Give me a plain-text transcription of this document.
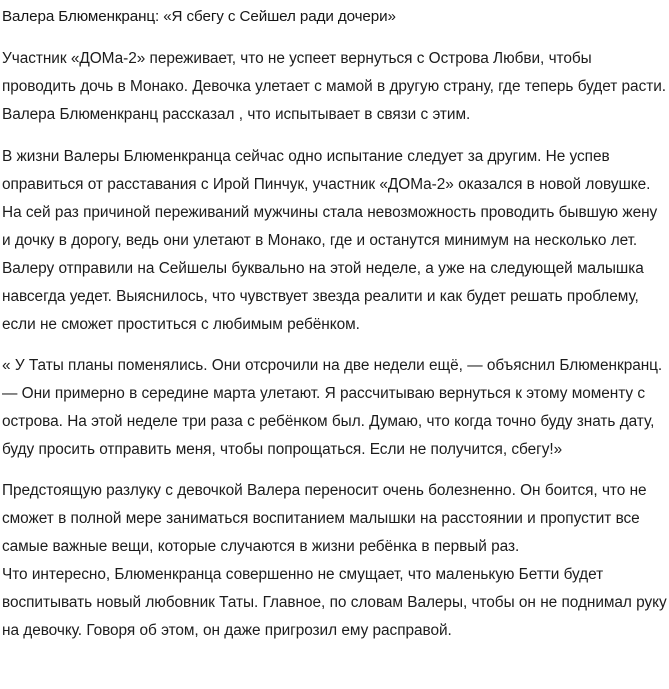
Валера Блюменкранц: «Я сбегу с Сейшел ради дочери»

Участник «ДОМа-2» переживает, что не успеет вернуться с Острова Любви, чтобы проводить дочь в Монако. Девочка улетает с мамой в другую страну, где теперь будет расти. Валера Блюменкранц рассказал , что испытывает в связи с этим.

В жизни Валеры Блюменкранца сейчас одно испытание следует за другим. Не успев оправиться от расставания с Ирой Пинчук, участник «ДОМа-2» оказался в новой ловушке. На сей раз причиной переживаний мужчины стала невозможность проводить бывшую жену и дочку в дорогу, ведь они улетают в Монако, где и останутся минимум на несколько лет. Валеру отправили на Сейшелы буквально на этой неделе, а уже на следующей малышка навсегда уедет. Выяснилось, что чувствует звезда реалити и как будет решать проблему, если не сможет проститься с любимым ребёнком.

« У Таты планы поменялись. Они отсрочили на две недели ещё, — объяснил Блюменкранц. — Они примерно в середине марта улетают. Я рассчитываю вернуться к этому моменту с острова. На этой неделе три раза с ребёнком был. Думаю, что когда точно буду знать дату, буду просить отправить меня, чтобы попрощаться. Если не получится, сбегу!»

Предстоящую разлуку с девочкой Валера переносит очень болезненно. Он боится, что не сможет в полной мере заниматься воспитанием малышки на расстоянии и пропустит все самые важные вещи, которые случаются в жизни ребёнка в первый раз.

Что интересно, Блюменкранца совершенно не смущает, что маленькую Бетти будет воспитывать новый любовник Таты. Главное, по словам Валеры, чтобы он не поднимал руку на девочку. Говоря об этом, он даже пригрозил ему расправой.
